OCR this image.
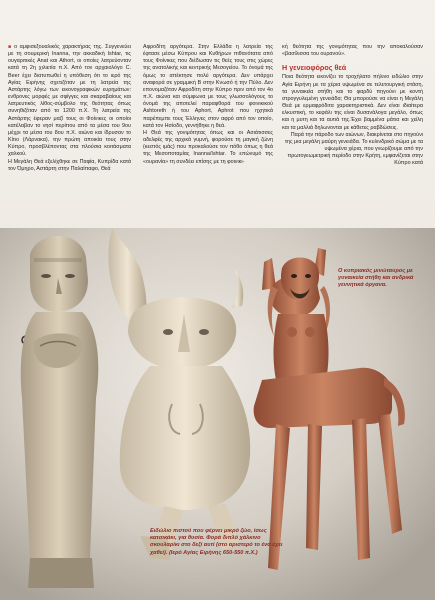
■ ο αμφισεξουαλικός χαρακτήρας της. Συγγενεύει με τη σουμερική Inanna, την ακκαδική Ishtar, τις ουγαριτικές Anat και Athort, οι οποίες λατρεύονταν κατά τη 2η χιλιετία π.Χ. Από τον αρχαιολόγο C. Beer έχει διατυπωθεί η υπόθεση ότι το ιερό της Αγίας Ειρήνης σχετιζόταν με τη λατρεία της Αστάρτης λόγω των εικονογραφικών ευρημάτων: ενθρονες μορφές με σφίγγες και σκαραβαίους και λατρευτικός λίθος-σύμβολο της θεότητας όπως συνηθιζόταν από το 1200 π.Χ. Τη λατρεία της Αστάρτης έφεραν μαζί τους οι Φοίνικες οι οποίοι κατέλαβαν το νησί περίπου από τα μέσα του 9ου μέχρι τα μέσα του 8ου π.Χ. αιώνα και ίδρυσαν το Κίτιο (Λάρνακα), την πρώτη αποικία τους στην Κύπρο, προσβλέποντας στα πλούσια κοιτάσματα χαλκού.

Η Μεγάλη Θεά εξελίχθηκε σε Παφία, Κυπρίδα κατά τον Όμηρο, Αστάρτη στην Παλαίπαφο, Θεά

Αφροδίτη αργότερα. Στην Ελλάδα η λατρεία της έφτασε μέσω Κύπρου και Κυθήρων πιθανότατα από τους Φοίνικες που διέδωσαν τις θεές τους στις χώρες της ανατολικής και κεντρικής Μεσογείου. Το όνομά της όμως το απέκτησε πολύ αργότερα. Δεν υπάρχει αναφορά σε γραμμική Β στην Κνωσό ή την Πύλο. Δεν επονομαζόταν Αφροδίτη στην Κύπρο πριν από τον 4ο π.Χ. αιώνα και σύμφωνα με τους γλωσσολόγους το όνομά της αποτελεί παραφθορά του φοινικικού Ashtoreth ή του Aphort, Aphrot που ηχητικά παρέπεμπε τους Έλληνες στον αφρό από τον οποίο, κατά τον Ησίοδο, γεννήθηκε η θεά.

Η Θεά της γονιμότητας όπως και οι Ασιάτισσες αδελφές της αρχικά γυμνή, φορούσε τη μαγική ζώνη (κεστός ιμάς) που προκαλούσε τον πόθο όπως η θεά της Μεσοποταμίας Inanna/Ishtar. Το επώνυμό της «ουρανία» τη συνδέει επίσης με τη φοινικι-

κή θεότητα της γονιμότητας που την αποκαλούσαν «βασίλισσα του ουρανού».

Η γενειοφόρος θεά

Ποια θεότητα εικονίζει το τροχήλατο πήλινο ειδώλιο στην Αγία Ειρήνη με τα χέρια υψωμένα σε τελετουργική στάση, τα γυναικεία στήθη και το φαρδύ πηγούνι με κοντή στρογγυλεμένη γενειάδα; Θα μπορούσε να είναι η Μεγάλη Θεά με ερμαφρόδιτα χαρακτηριστικά. Δεν είναι ιδιαίτερα ελκυστική, το κεφάλι της είναι δυσανάλογα μεγάλο, όπως και η μυτη και τα αυτιά της.Έχει βαμμένα μάτια και χείλη και τα μαλλιά δηλωνονται με κάθετες ραβδώσεις.

Παρά την πάροδο των αιώνων, διακρίνεται στο πηγούνι της μια μεγάλη μαύρη γενειάδα. Το κυλινδρικό σώμα με τα υψωμένα χέρια, που γνωρίζουμε από την πρωτογεωμετρική περίοδο στην Κρήτη, εμφανίζεται στην Κύπρο κατά

Ο κυπριακός μινώταυρος με γυναικεία στήθη και ανδρικά γεννητικά όργανα.
Ειδώλιο πιστού που φέρνει μικρό ζώο, ίσως κατσικάκι, για θυσία. Φορά διπλό χάλκινο σκουλαρίκι στο δεξί αυτί (στο αριστερό το ένα έχει χαθεί). (Ιερό Αγίας Ειρήνης 650-550 π.Χ.)
